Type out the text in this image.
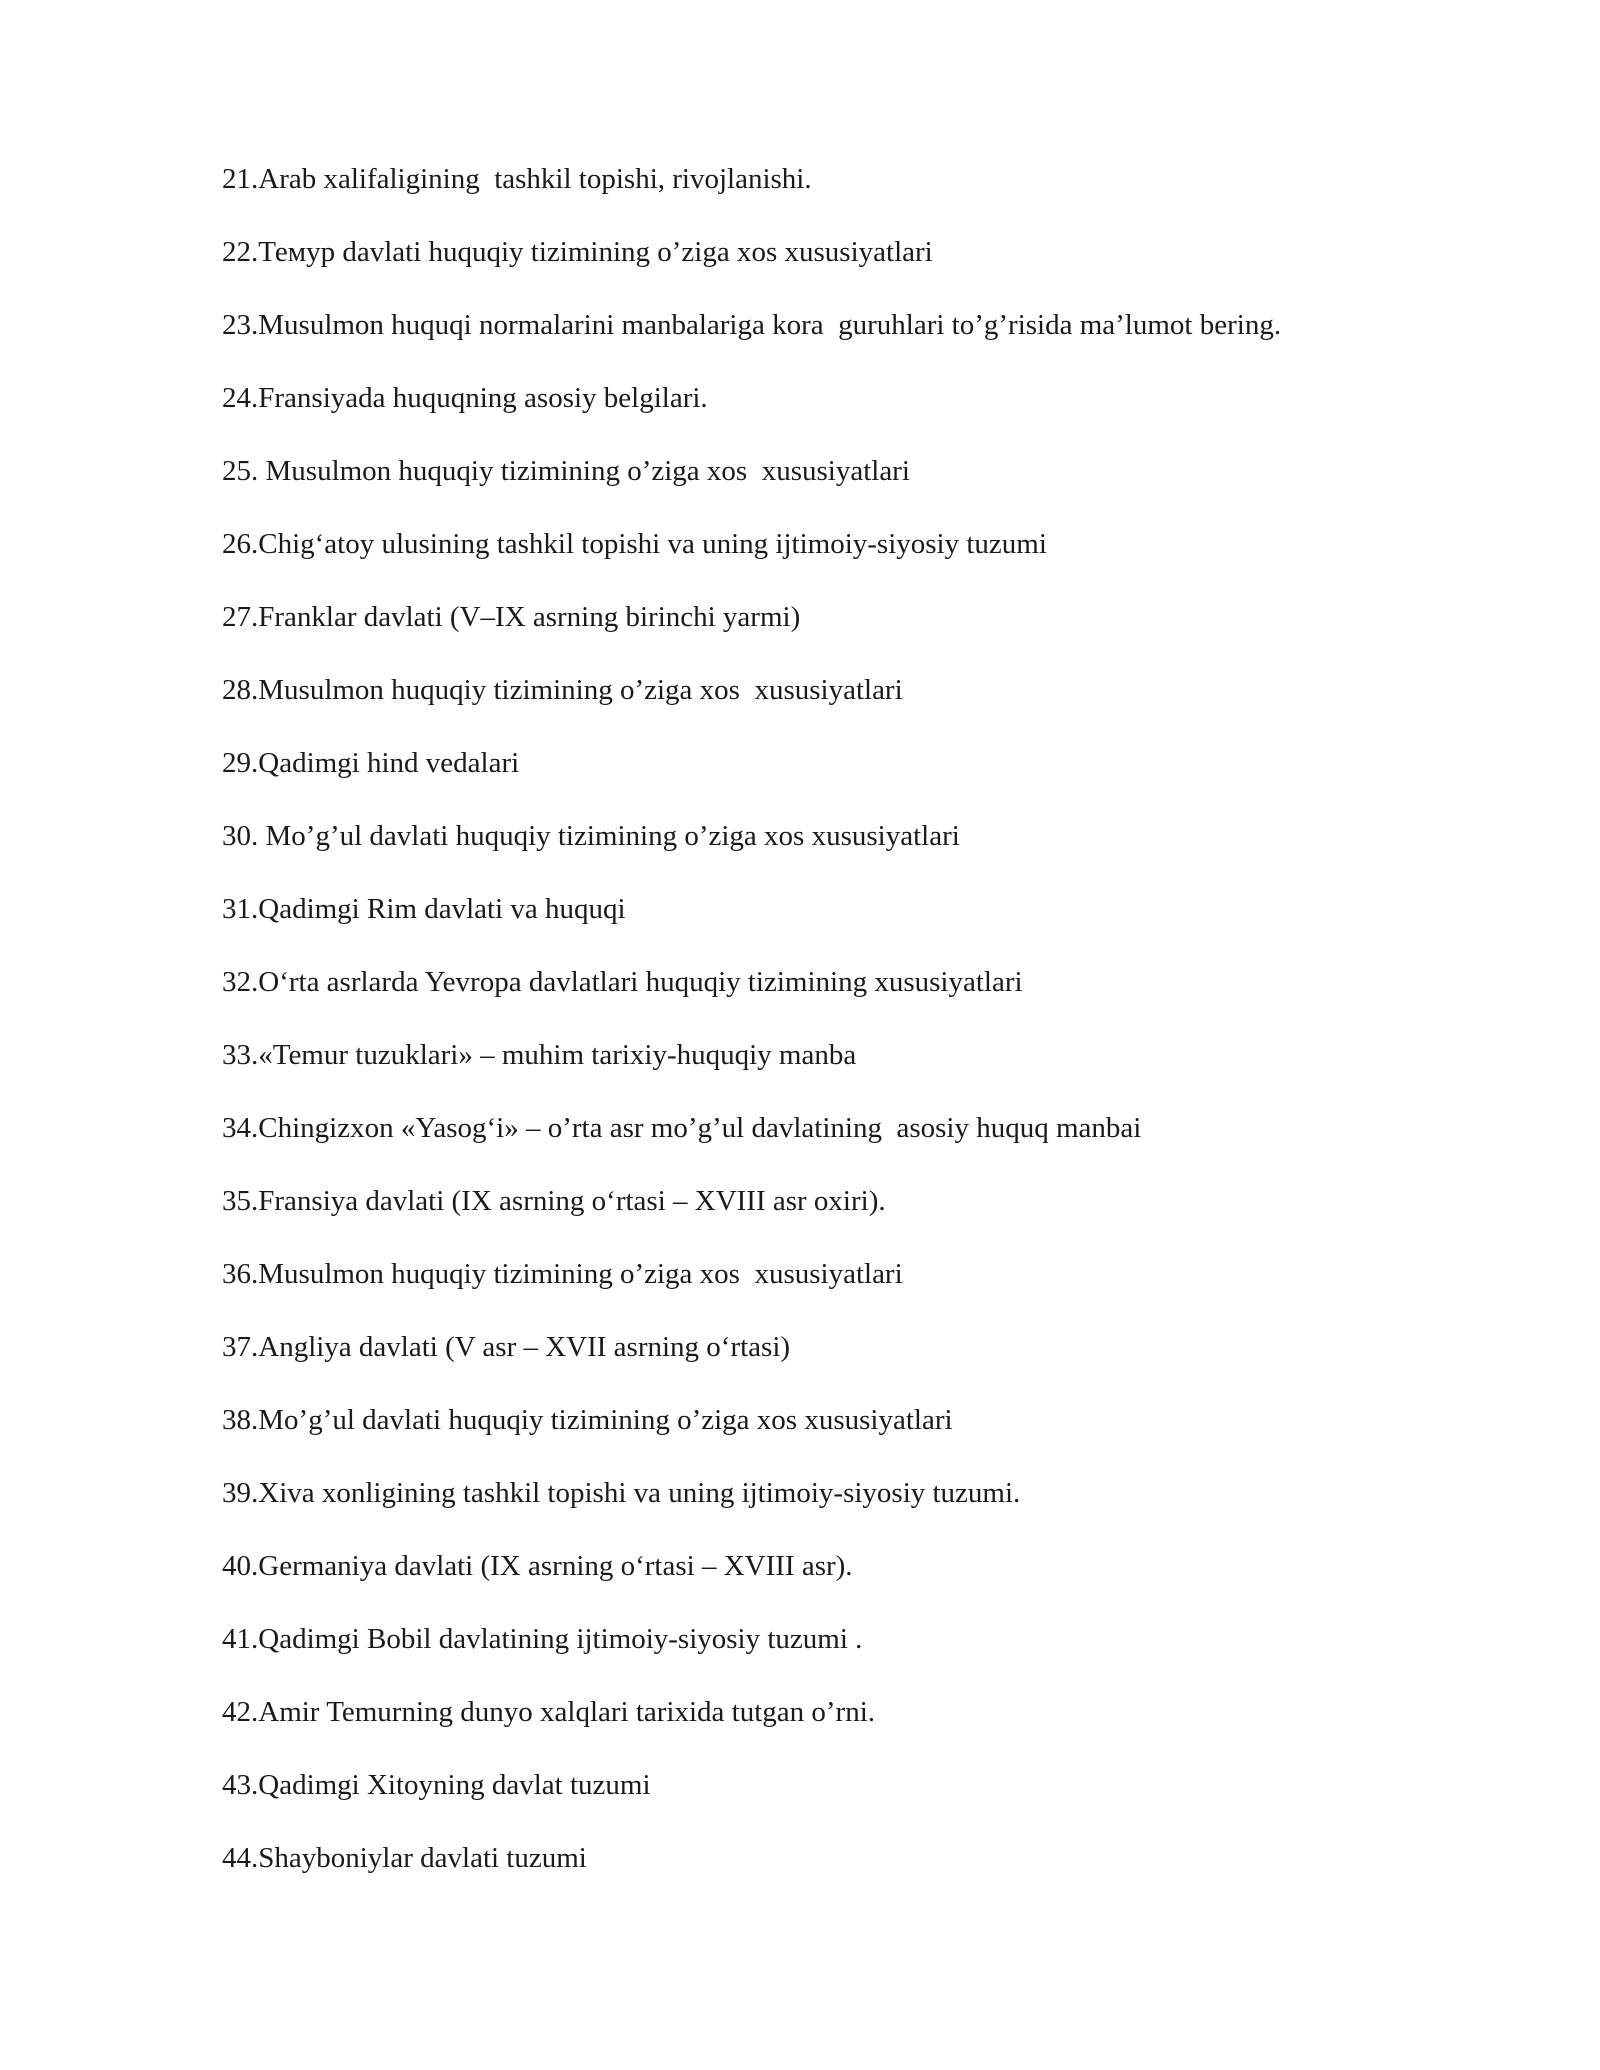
21.Arab xalifaligining  tashkil topishi, rivojlanishi.
22.Темур davlati huquqiy tizimining o’ziga xos xususiyatlari
23.Musulmon huquqi normalarini manbalariga kora  guruhlari to’g’risida ma’lumot bering.
24.Fransiyada huquqning asosiy belgilari.
25. Musulmon huquqiy tizimining o’ziga xos  xususiyatlari
26.Chig‘atoy ulusining tashkil topishi va uning ijtimoiy-siyosiy tuzumi
27.Franklar davlati (V–IX asrning birinchi yarmi)
28.Musulmon huquqiy tizimining o’ziga xos  xususiyatlari
29.Qadimgi hind vedalari
30. Mo’g’ul davlati huquqiy tizimining o’ziga xos xususiyatlari
31.Qadimgi Rim davlati va huquqi
32.O‘rta asrlarda Yevropa davlatlari huquqiy tizimining xususiyatlari
33.«Temur tuzuklari» – muhim tarixiy-huquqiy manba
34.Chingizxon «Yasog‘i» – o’rta asr mo’g’ul davlatining  asosiy huquq manbai
35.Fransiya davlati (IX asrning o‘rtasi – XVIII asr oxiri).
36.Musulmon huquqiy tizimining o’ziga xos  xususiyatlari
37.Angliya davlati (V asr – XVII asrning o‘rtasi)
38.Mo’g’ul davlati huquqiy tizimining o’ziga xos xususiyatlari
39.Xiva xonligining tashkil topishi va uning ijtimoiy-siyosiy tuzumi.
40.Germaniya davlati (IX asrning o‘rtasi – XVIII asr).
41.Qadimgi Bobil davlatining ijtimoiy-siyosiy tuzumi .
42.Amir Temurning dunyo xalqlari tarixida tutgan o’rni.
43.Qadimgi Xitoyning davlat tuzumi
44.Shayboniylar davlati tuzumi
